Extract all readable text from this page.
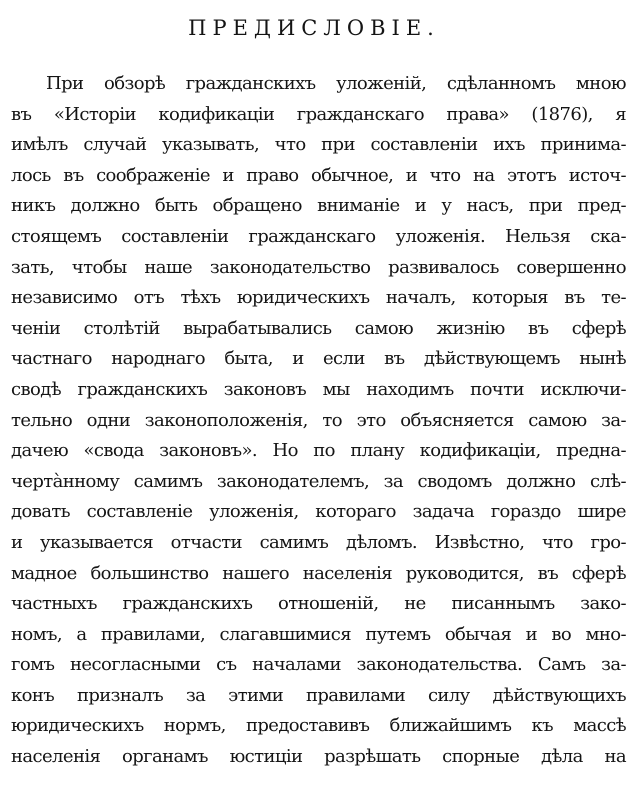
ПРЕДИСЛОВІЕ.
При обзорѣ гражданскихъ уложеній, сдѣланномъ мною
въ «Исторіи кодификаціи гражданскаго права» (1876), я
имѣлъ случай указывать, что при составленіи ихъ принима-
лось въ соображеніе и право обычное, и что на этотъ источ-
никъ должно быть обращено вниманіе и у насъ, при пред-
стоящемъ составленіи гражданскаго уложенія. Нельзя ска-
зать, чтобы наше законодательство развивалось совершенно
независимо отъ тѣхъ юридическихъ началъ, которыя въ те-
ченіи столѣтій вырабатывались самою жизнію въ сферѣ
частнаго народнаго быта, и если въ дѣйствующемъ нынѣ
сводѣ гражданскихъ законовъ мы находимъ почти исключи-
тельно одни законоположенія, то это объясняется самою за-
дачею «свода законовъ». Но по плану кодификаціи, предна-
черта̀нному самимъ законодателемъ, за сводомъ должно слѣ-
довать составленіе уложенія, котораго задача гораздо шире
и указывается отчасти самимъ дѣломъ. Извѣстно, что гро-
мадное большинство нашего населенія руководится, въ сферѣ
частныхъ гражданскихъ отношеній, не писаннымъ зако-
номъ, а правилами, слагавшимися путемъ обычая и во мно-
гомъ несогласными съ началами законодательства. Самъ за-
конъ призналъ за этими правилами силу дѣйствующихъ
юридическихъ нормъ, предоставивъ ближайшимъ къ массѣ
населенія органамъ юстиціи разрѣшать спорные дѣла на
